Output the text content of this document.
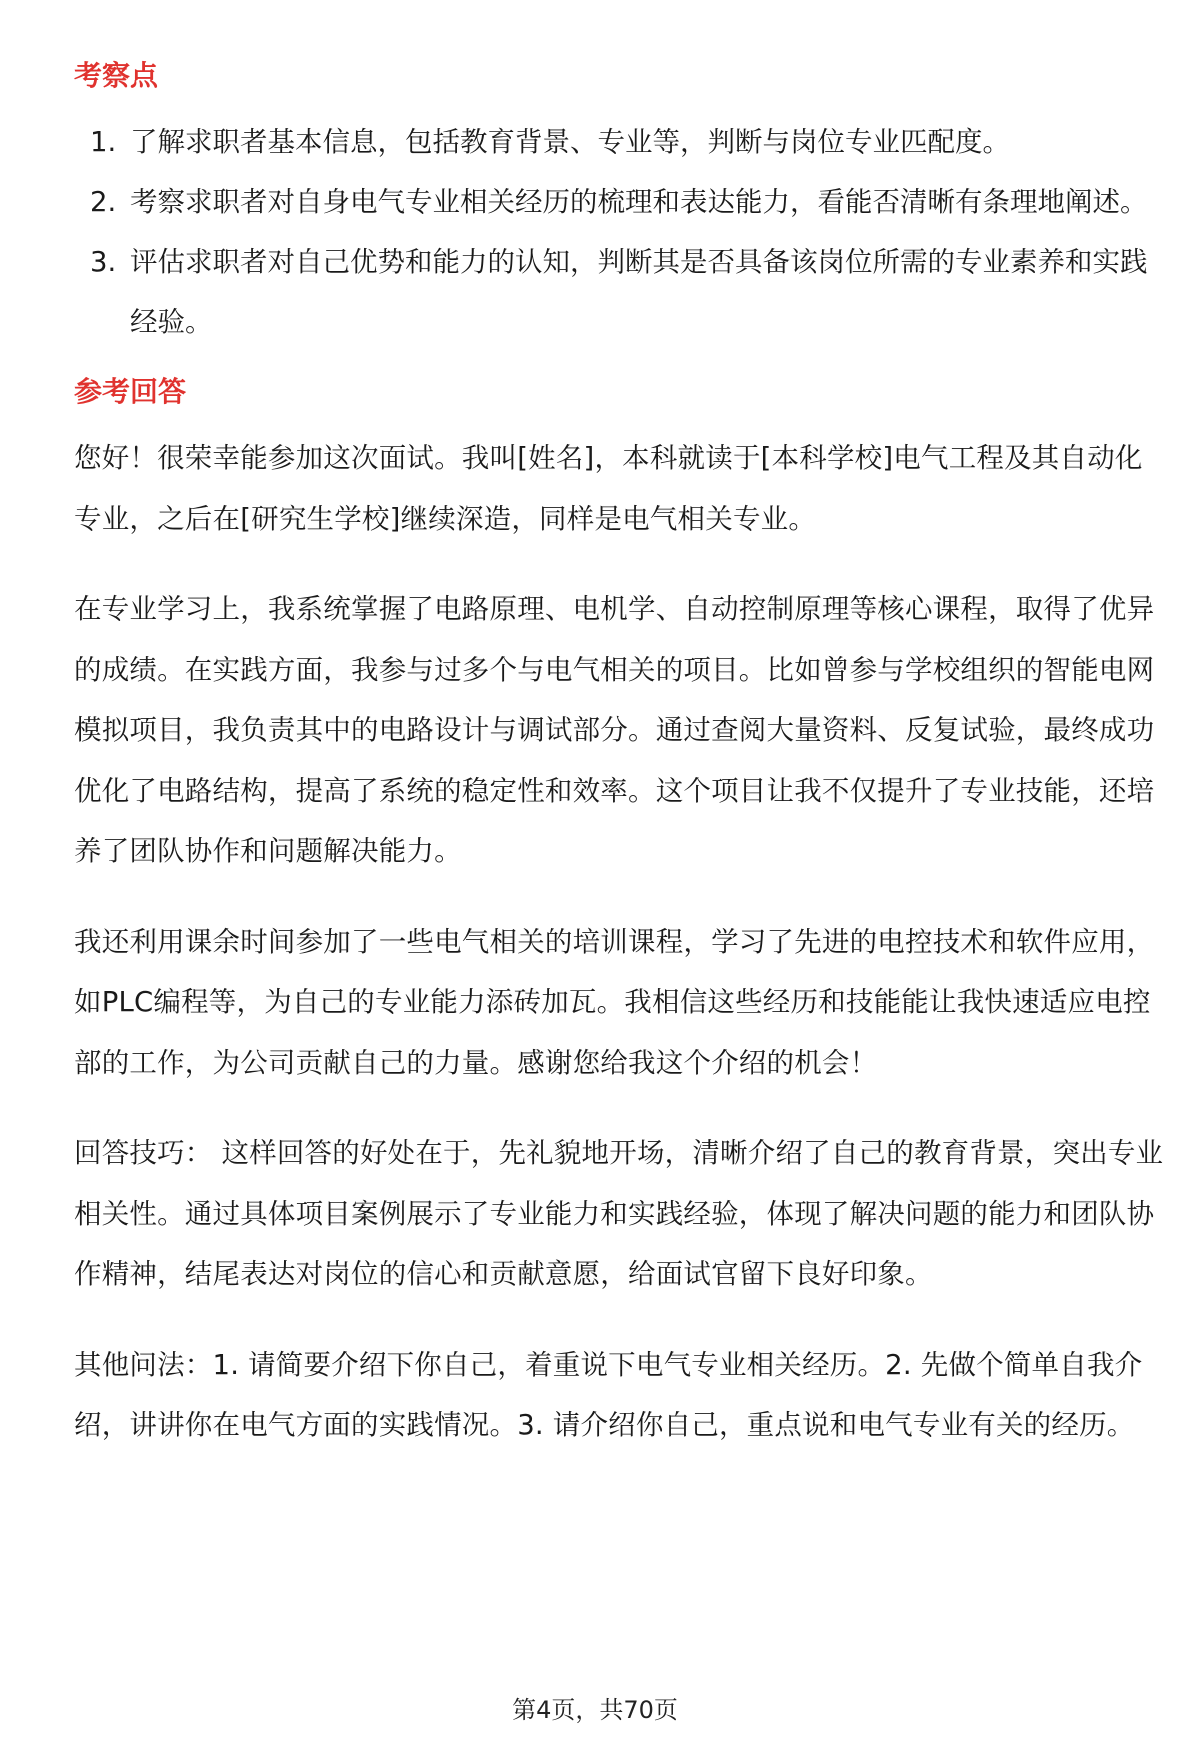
考察点
1. 了解求职者基本信息，包括教育背景、专业等，判断与岗位专业匹配度。
2. 考察求职者对自身电气专业相关经历的梳理和表达能力，看能否清晰有条理地阐述。
3. 评估求职者对自己优势和能力的认知，判断其是否具备该岗位所需的专业素养和实践经验。
参考回答

您好！很荣幸能参加这次面试。我叫[姓名]，本科就读于[本科学校]电气工程及其自动化专业，之后在[研究生学校]继续深造，同样是电气相关专业。

在专业学习上，我系统掌握了电路原理、电机学、自动控制原理等核心课程，取得了优异的成绩。在实践方面，我参与过多个与电气相关的项目。比如曾参与学校组织的智能电网模拟项目，我负责其中的电路设计与调试部分。通过查阅大量资料、反复试验，最终成功优化了电路结构，提高了系统的稳定性和效率。这个项目让我不仅提升了专业技能，还培养了团队协作和问题解决能力。

我还利用课余时间参加了一些电气相关的培训课程，学习了先进的电控技术和软件应用，如PLC编程等，为自己的专业能力添砖加瓦。我相信这些经历和技能能让我快速适应电控部的工作，为公司贡献自己的力量。感谢您给我这个介绍的机会！

回答技巧： 这样回答的好处在于，先礼貌地开场，清晰介绍了自己的教育背景，突出专业相关性。通过具体项目案例展示了专业能力和实践经验，体现了解决问题的能力和团队协作精神，结尾表达对岗位的信心和贡献意愿，给面试官留下良好印象。

其他问法：1. 请简要介绍下你自己，着重说下电气专业相关经历。2. 先做个简单自我介绍，讲讲你在电气方面的实践情况。3. 请介绍你自己，重点说和电气专业有关的经历。

第4页，共70页
